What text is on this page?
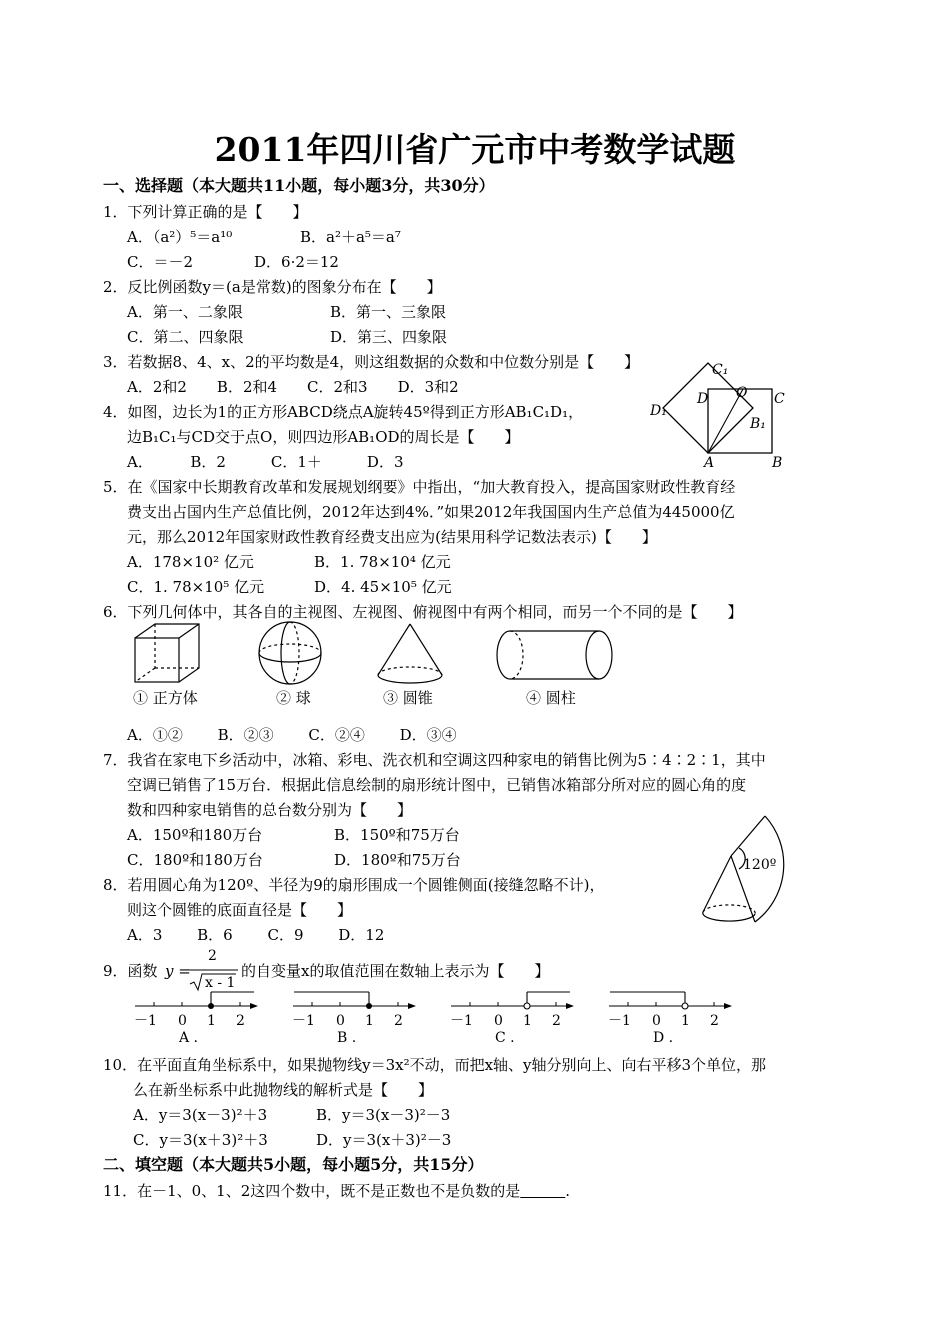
2011年四川省广元市中考数学试题
一、选择题（本大题共11小题，每小题3分，共30分）
1．下列计算正确的是【　　】
A．（a²）⁵＝a¹⁰	B．a²＋a⁵＝a⁷
C．＝－2	D．6·2＝12
2．反比例函数y＝(a是常数)的图象分布在【　　】
A．第一、二象限	B．第一、三象限
C．第二、四象限	D．第三、四象限
3．若数据8、4、x、2的平均数是4，则这组数据的众数和中位数分别是【　　】
A．2和2　　B．2和4　　C．2和3　　D．3和2
4．如图，边长为1的正方形ABCD绕点A旋转45º得到正方形AB₁C₁D₁，
边B₁C₁与CD交于点O，则四边形AB₁OD的周长是【　　】
A．　　　B．2　　　C．1＋　　　D．3
C₁
D O C
D₁
B₁
A	B
5．在《国家中长期教育改革和发展规划纲要》中指出，“加大教育投入，提高国家财政性教育经
费支出占国内生产总值比例，2012年达到4%．”如果2012年我国国内生产总值为445000亿
元，那么2012年国家财政性教育经费支出应为(结果用科学记数法表示)【　　】
A．178×10² 亿元	B．1. 78×10⁴ 亿元
C．1. 78×10⁵ 亿元	D．4. 45×10⁵ 亿元
6．下列几何体中，其各自的主视图、左视图、俯视图中有两个相同，而另一个不同的是【　　】
① 正方体	② 球	③ 圆锥	④ 圆柱
A．①②　　 B．②③　　 C．②④　　 D．③④
7．我省在家电下乡活动中，冰箱、彩电、洗衣机和空调这四种家电的销售比例为5∶4∶2∶1，其中
空调已销售了15万台．根据此信息绘制的扇形统计图中，已销售冰箱部分所对应的圆心角的度
数和四种家电销售的总台数分别为【　　】
A．150º和180万台	B．150º和75万台
C．180º和180万台	D．180º和75万台
8．若用圆心角为120º、半径为9的扇形围成一个圆锥侧面(接缝忽略不计)，
则这个圆锥的底面直径是【　　】
A．3　　 B．6　　 C．9　　 D．12
120º
9．函数 y =
2
x - 1
的自变量x的取值范围在数轴上表示为【　　】
－1 0 1 2
A .
－1 0 1 2
B .
－1 0 1 2
C .
－1 0 1 2
D .
10．在平面直角坐标系中，如果抛物线y＝3x²不动，而把x轴、y轴分别向上、向右平移3个单位，那
么在新坐标系中此抛物线的解析式是【　　】
A．y＝3(x－3)²＋3	B．y＝3(x－3)²－3
C．y＝3(x＋3)²＋3	D．y＝3(x＋3)²－3
二、填空题（本大题共5小题，每小题5分，共15分）
11．在－1、0、1、2这四个数中，既不是正数也不是负数的是　　　	.
